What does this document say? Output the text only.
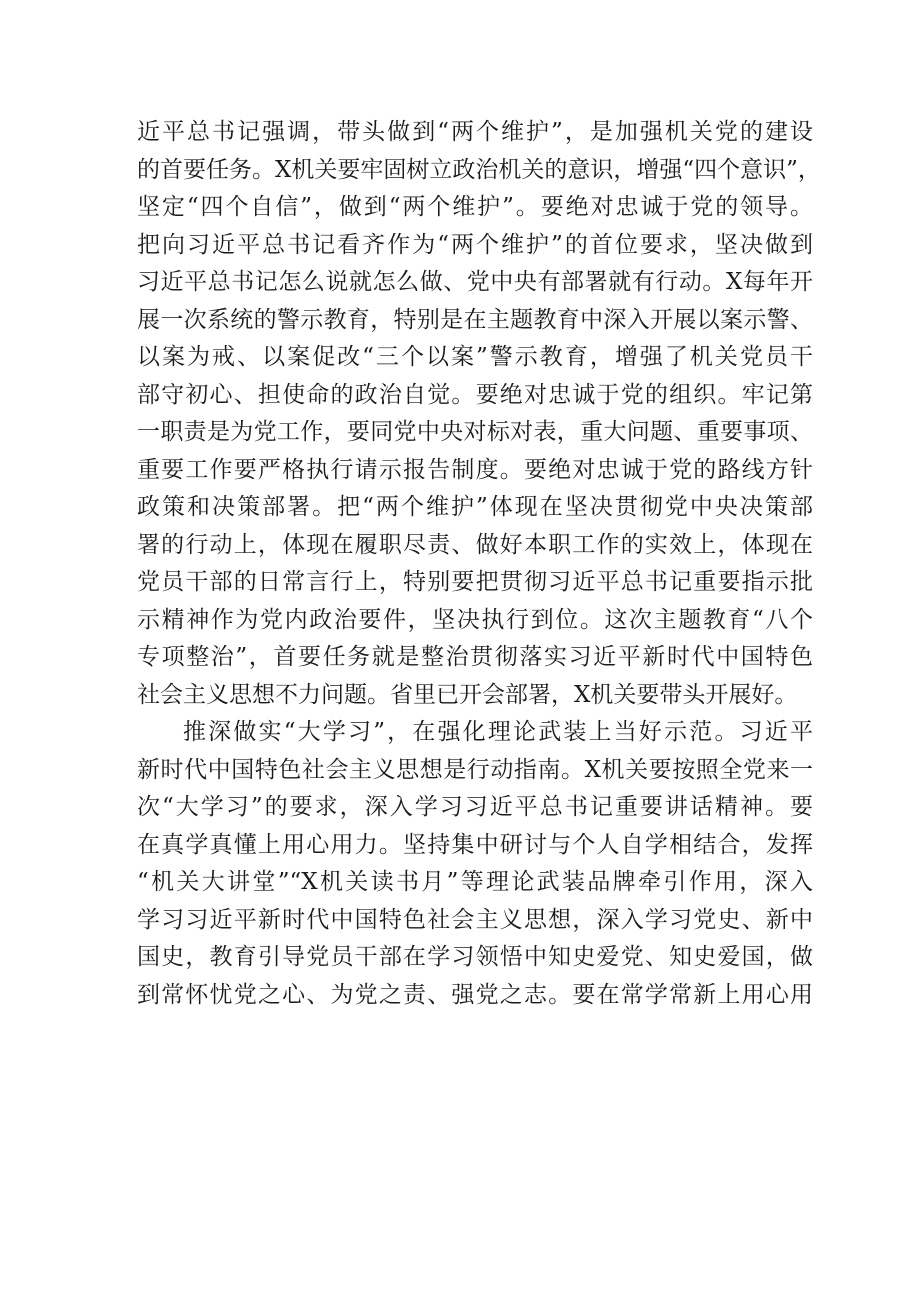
近平总书记强调，带头做到“两个维护”，是加强机关党的建设
的首要任务。X机关要牢固树立政治机关的意识，增强“四个意识”，
坚定“四个自信”，做到“两个维护”。要绝对忠诚于党的领导。
把向习近平总书记看齐作为“两个维护”的首位要求，坚决做到
习近平总书记怎么说就怎么做、党中央有部署就有行动。X每年开
展一次系统的警示教育，特别是在主题教育中深入开展以案示警、
以案为戒、以案促改“三个以案”警示教育，增强了机关党员干
部守初心、担使命的政治自觉。要绝对忠诚于党的组织。牢记第
一职责是为党工作，要同党中央对标对表，重大问题、重要事项、
重要工作要严格执行请示报告制度。要绝对忠诚于党的路线方针
政策和决策部署。把“两个维护”体现在坚决贯彻党中央决策部
署的行动上，体现在履职尽责、做好本职工作的实效上，体现在
党员干部的日常言行上，特别要把贯彻习近平总书记重要指示批
示精神作为党内政治要件，坚决执行到位。这次主题教育“八个
专项整治”，首要任务就是整治贯彻落实习近平新时代中国特色
社会主义思想不力问题。省里已开会部署，X机关要带头开展好。
推深做实“大学习”，在强化理论武装上当好示范。习近平
新时代中国特色社会主义思想是行动指南。X机关要按照全党来一
次“大学习”的要求，深入学习习近平总书记重要讲话精神。要
在真学真懂上用心用力。坚持集中研讨与个人自学相结合，发挥
“机关大讲堂”“X机关读书月”等理论武装品牌牵引作用，深入
学习习近平新时代中国特色社会主义思想，深入学习党史、新中
国史，教育引导党员干部在学习领悟中知史爱党、知史爱国，做
到常怀忧党之心、为党之责、强党之志。要在常学常新上用心用
